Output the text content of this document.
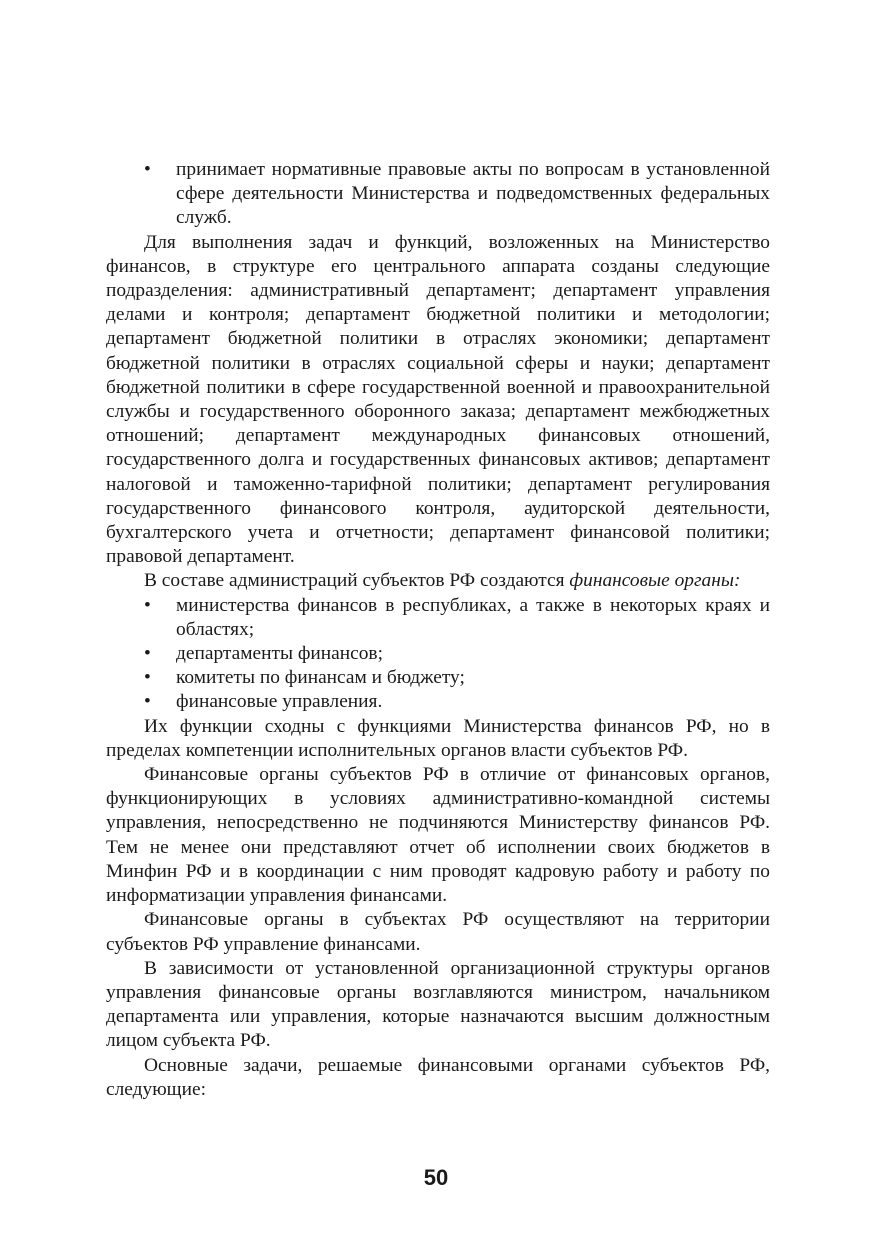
• принимает нормативные правовые акты по вопросам в установленной сфере деятельности Министерства и подведомственных федеральных служб.

Для выполнения задач и функций, возложенных на Министерство финансов, в структуре его центрального аппарата созданы следующие подразделения: административный департамент; департамент управления делами и контроля; департамент бюджетной политики и методологии; департамент бюджетной политики в отраслях экономики; департамент бюджетной политики в отраслях социальной сферы и науки; департамент бюджетной политики в сфере государственной военной и правоохранительной службы и государственного оборонного заказа; департамент межбюджетных отношений; департамент международных финансовых отношений, государственного долга и государственных финансовых активов; департамент налоговой и таможенно-тарифной политики; департамент регулирования государственного финансового контроля, аудиторской деятельности, бухгалтерского учета и отчетности; департамент финансовой политики; правовой департамент.

В составе администраций субъектов РФ создаются финансовые органы:

• министерства финансов в республиках, а также в некоторых краях и областях;
• департаменты финансов;
• комитеты по финансам и бюджету;
• финансовые управления.

Их функции сходны с функциями Министерства финансов РФ, но в пределах компетенции исполнительных органов власти субъектов РФ.

Финансовые органы субъектов РФ в отличие от финансовых органов, функционирующих в условиях административно-командной системы управления, непосредственно не подчиняются Министерству финансов РФ. Тем не менее они представляют отчет об исполнении своих бюджетов в Минфин РФ и в координации с ним проводят кадровую работу и работу по информатизации управления финансами.

Финансовые органы в субъектах РФ осуществляют на территории субъектов РФ управление финансами.

В зависимости от установленной организационной структуры органов управления финансовые органы возглавляются министром, начальником департамента или управления, которые назначаются высшим должностным лицом субъекта РФ.

Основные задачи, решаемые финансовыми органами субъектов РФ, следующие:

50
